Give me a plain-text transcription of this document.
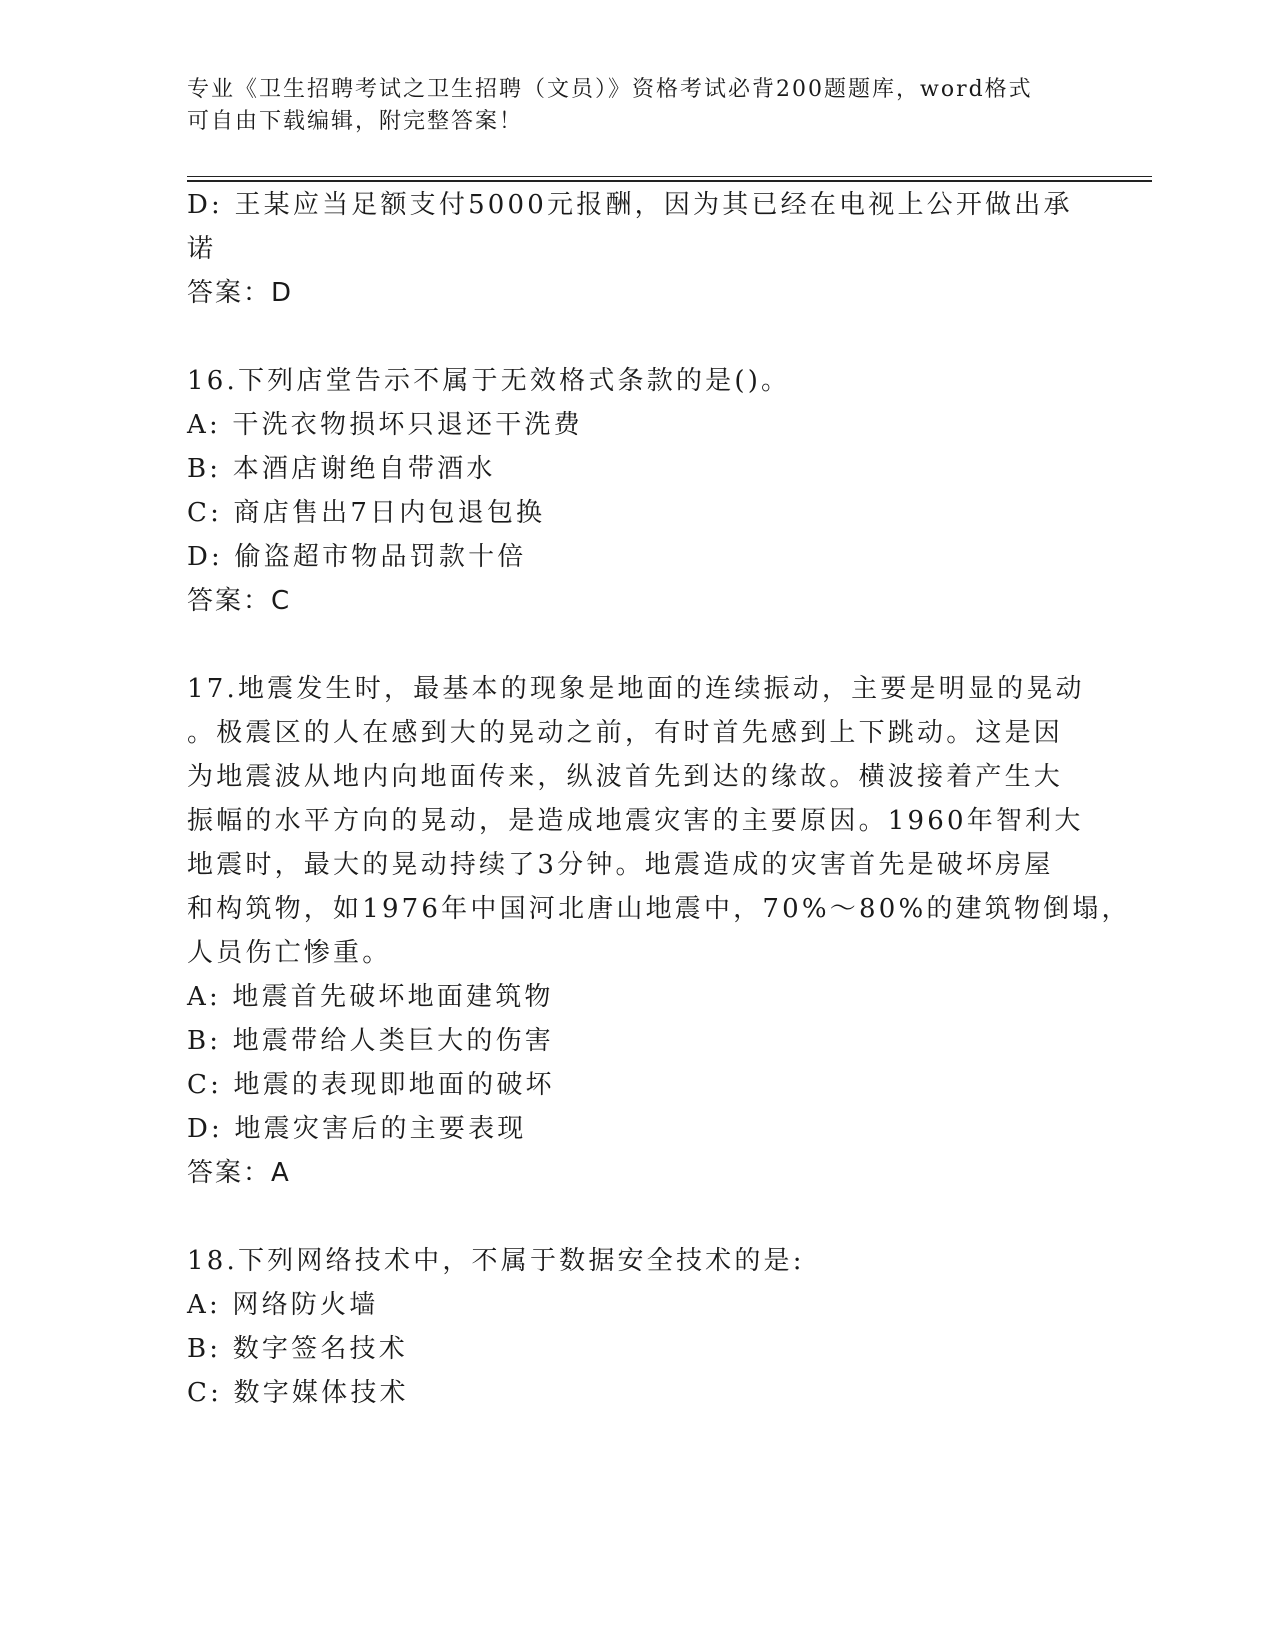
专业《卫生招聘考试之卫生招聘（文员）》资格考试必背200题题库，word格式
可自由下载编辑，附完整答案！
D: 王某应当足额支付5000元报酬，因为其已经在电视上公开做出承
诺
答案：D
16.下列店堂告示不属于无效格式条款的是()。
A: 干洗衣物损坏只退还干洗费
B: 本酒店谢绝自带酒水
C: 商店售出7日内包退包换
D: 偷盗超市物品罚款十倍
答案：C
17.地震发生时，最基本的现象是地面的连续振动，主要是明显的晃动
。极震区的人在感到大的晃动之前，有时首先感到上下跳动。这是因
为地震波从地内向地面传来，纵波首先到达的缘故。横波接着产生大
振幅的水平方向的晃动，是造成地震灾害的主要原因。1960年智利大
地震时，最大的晃动持续了3分钟。地震造成的灾害首先是破坏房屋
和构筑物，如1976年中国河北唐山地震中，70%～80%的建筑物倒塌，
人员伤亡惨重。
A: 地震首先破坏地面建筑物
B: 地震带给人类巨大的伤害
C: 地震的表现即地面的破坏
D: 地震灾害后的主要表现
答案：A
18.下列网络技术中，不属于数据安全技术的是:
A: 网络防火墙
B: 数字签名技术
C: 数字媒体技术
